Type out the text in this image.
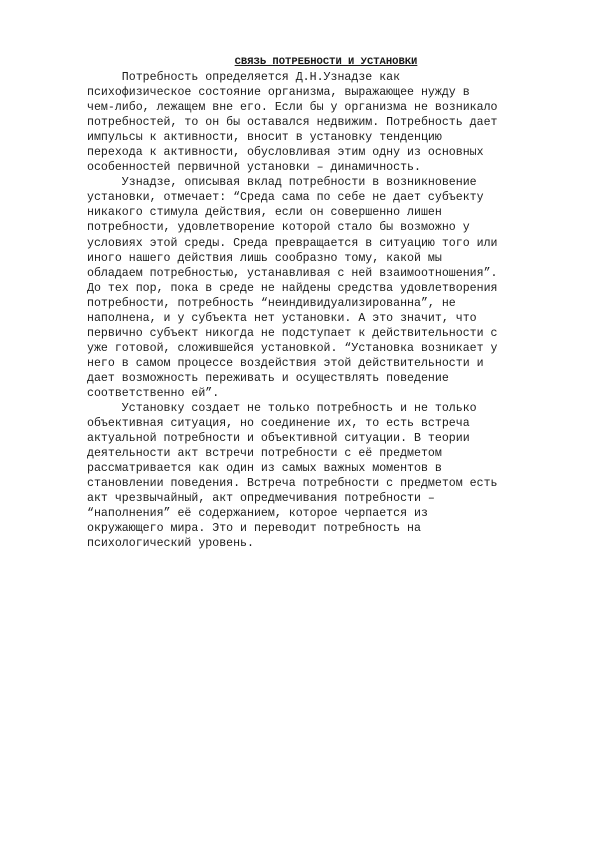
СВЯЗЬ ПОТРЕБНОСТИ И УСТАНОВКИ
Потребность определяется Д.Н.Узнадзе как
психофизическое состояние организма, выражающее нужду в
чем-либо, лежащем вне его. Если бы у организма не возникало
потребностей, то он бы оставался недвижим. Потребность дает
импульсы к активности, вносит в установку тенденцию
перехода к активности, обусловливая этим одну из основных
особенностей первичной установки – динамичность.
Узнадзе, описывая вклад потребности в возникновение
установки, отмечает: “Среда сама по себе не дает субъекту
никакого стимула действия, если он совершенно лишен
потребности, удовлетворение которой стало бы возможно у
условиях этой среды. Среда превращается в ситуацию того или
иного нашего действия лишь сообразно тому, какой мы
обладаем потребностью, устанавливая с ней взаимоотношения”.
До тех пор, пока в среде не найдены средства удовлетворения
потребности, потребность “неиндивидуализированна”, не
наполнена, и у субъекта нет установки. А это значит, что
первично субъект никогда не подступает к действительности с
уже готовой, сложившейся установкой. “Установка возникает у
него в самом процессе воздействия этой действительности и
дает возможность переживать и осуществлять поведение
соответственно ей”.
Установку создает не только потребность и не только
объективная ситуация, но соединение их, то есть встреча
актуальной потребности и объективной ситуации. В теории
деятельности акт встречи потребности с её предметом
рассматривается как один из самых важных моментов в
становлении поведения. Встреча потребности с предметом есть
акт чрезвычайный, акт опредмечивания потребности –
“наполнения” её содержанием, которое черпается из
окружающего мира. Это и переводит потребность на
психологический уровень.
